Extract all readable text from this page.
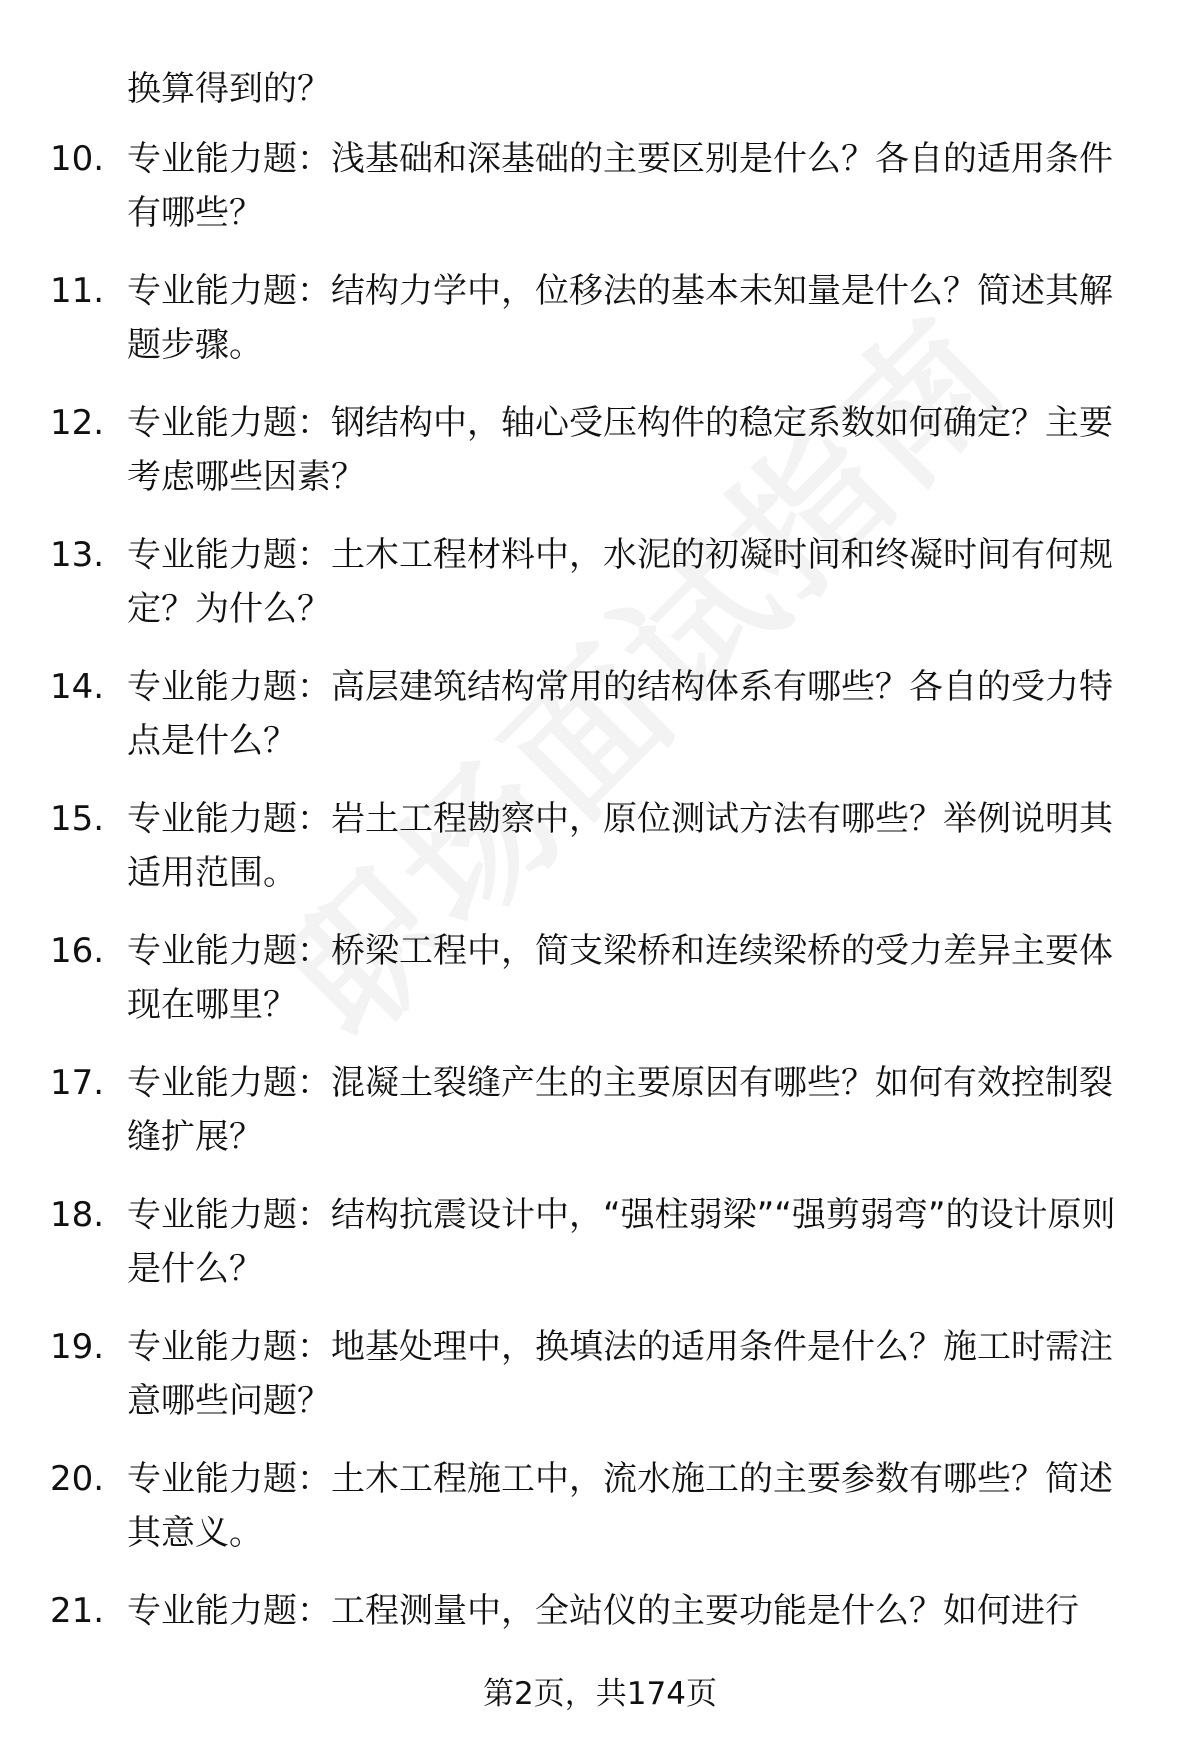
换算得到的？

10. 专业能力题：浅基础和深基础的主要区别是什么？各自的适用条件有哪些？
11. 专业能力题：结构力学中，位移法的基本未知量是什么？简述其解题步骤。
12. 专业能力题：钢结构中，轴心受压构件的稳定系数如何确定？主要考虑哪些因素？
13. 专业能力题：土木工程材料中，水泥的初凝时间和终凝时间有何规定？为什么？
14. 专业能力题：高层建筑结构常用的结构体系有哪些？各自的受力特点是什么？
15. 专业能力题：岩土工程勘察中，原位测试方法有哪些？举例说明其适用范围。
16. 专业能力题：桥梁工程中，简支梁桥和连续梁桥的受力差异主要体现在哪里？
17. 专业能力题：混凝土裂缝产生的主要原因有哪些？如何有效控制裂缝扩展？
18. 专业能力题：结构抗震设计中，“强柱弱梁”“强剪弱弯”的设计原则是什么？
19. 专业能力题：地基处理中，换填法的适用条件是什么？施工时需注意哪些问题？
20. 专业能力题：土木工程施工中，流水施工的主要参数有哪些？简述其意义。
21. 专业能力题：工程测量中，全站仪的主要功能是什么？如何进行

第2页，共174页
